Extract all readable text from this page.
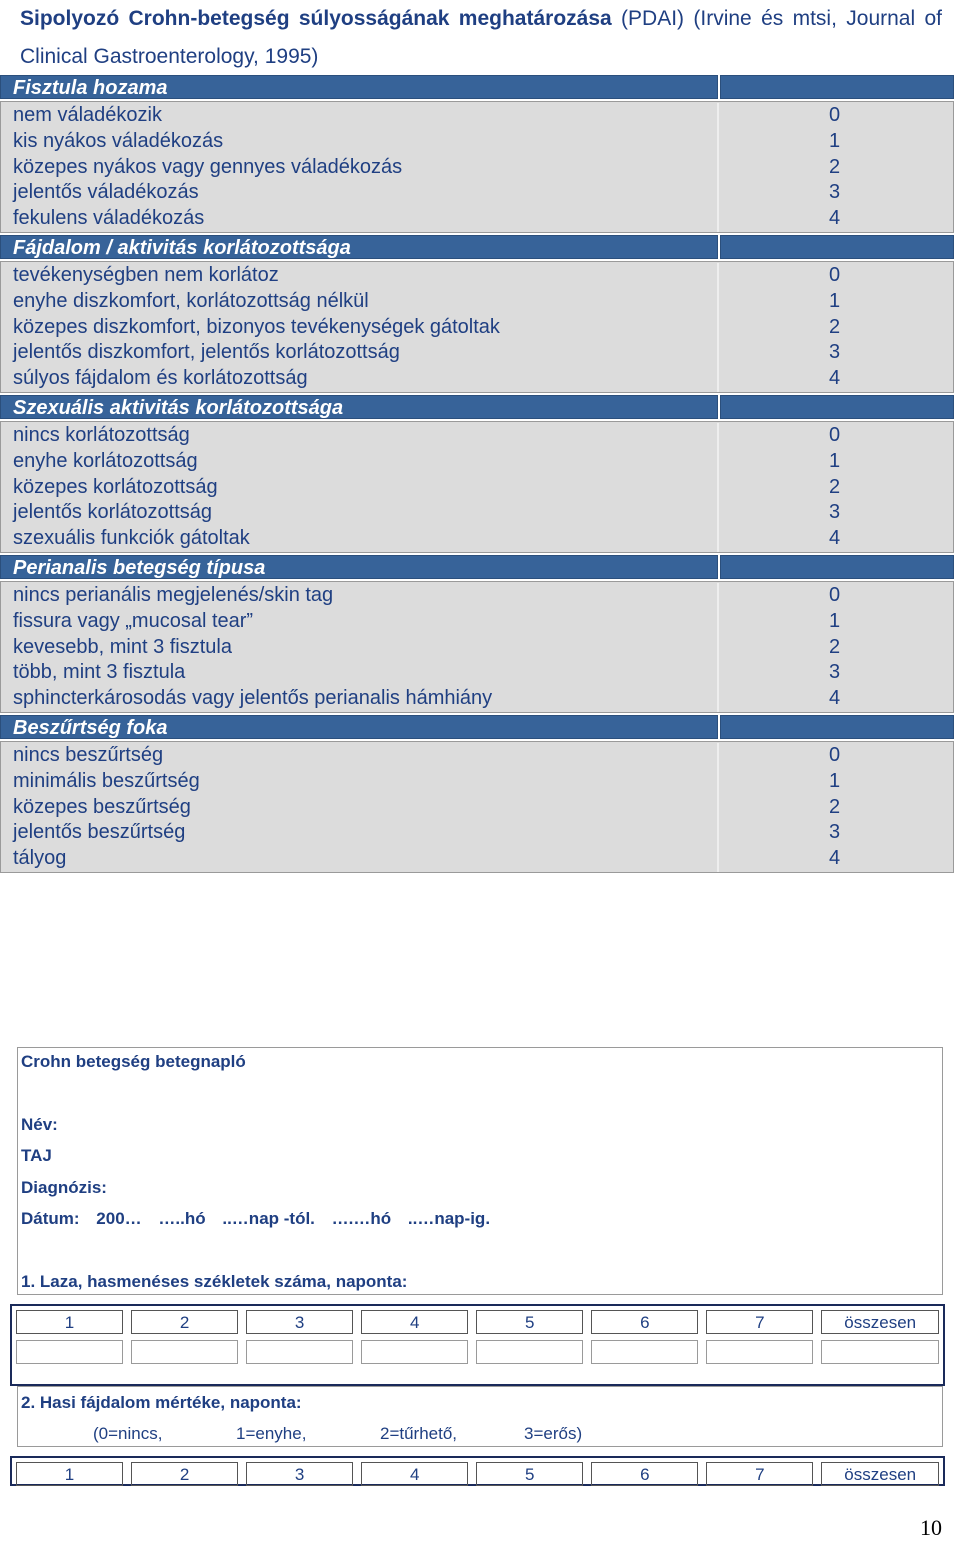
Sipolyozó Crohn-betegség súlyosságának meghatározása (PDAI) (Irvine és mtsi, Journal of Clinical Gastroenterology, 1995)
Fisztula hozama
nem váladékozik	0
kis nyákos váladékozás	1
közepes nyákos vagy gennyes váladékozás	2
jelentős váladékozás	3
fekulens váladékozás	4
Fájdalom / aktivitás korlátozottsága
tevékenységben nem korlátoz	0
enyhe diszkomfort, korlátozottság nélkül	1
közepes diszkomfort, bizonyos tevékenységek gátoltak	2
jelentős diszkomfort, jelentős korlátozottság	3
súlyos fájdalom és korlátozottság	4
Szexuális aktivitás korlátozottsága
nincs korlátozottság	0
enyhe korlátozottság	1
közepes korlátozottság	2
jelentős korlátozottság	3
szexuális funkciók gátoltak	4
Perianalis betegség típusa
nincs perianális megjelenés/skin tag	0
fissura vagy „mucosal tear”	1
kevesebb, mint 3 fisztula	2
több, mint 3 fisztula	3
sphincterkárosodás vagy jelentős perianalis hámhiány	4
Beszűrtség foka
nincs beszűrtség	0
minimális beszűrtség	1
közepes beszűrtség	2
jelentős beszűrtség	3
tályog	4
Crohn betegség betegnapló
Név:
TAJ
Diagnózis:
Dátum: 200… …..hó ..…nap -tól. ….…hó ..…nap-ig.
1. Laza, hasmenéses székletek száma, naponta:
1	2	3	4	5	6	7	összesen
2. Hasi fájdalom mértéke, naponta:
(0=nincs,	1=enyhe,	2=tűrhető,	3=erős)
1	2	3	4	5	6	7	összesen
10
